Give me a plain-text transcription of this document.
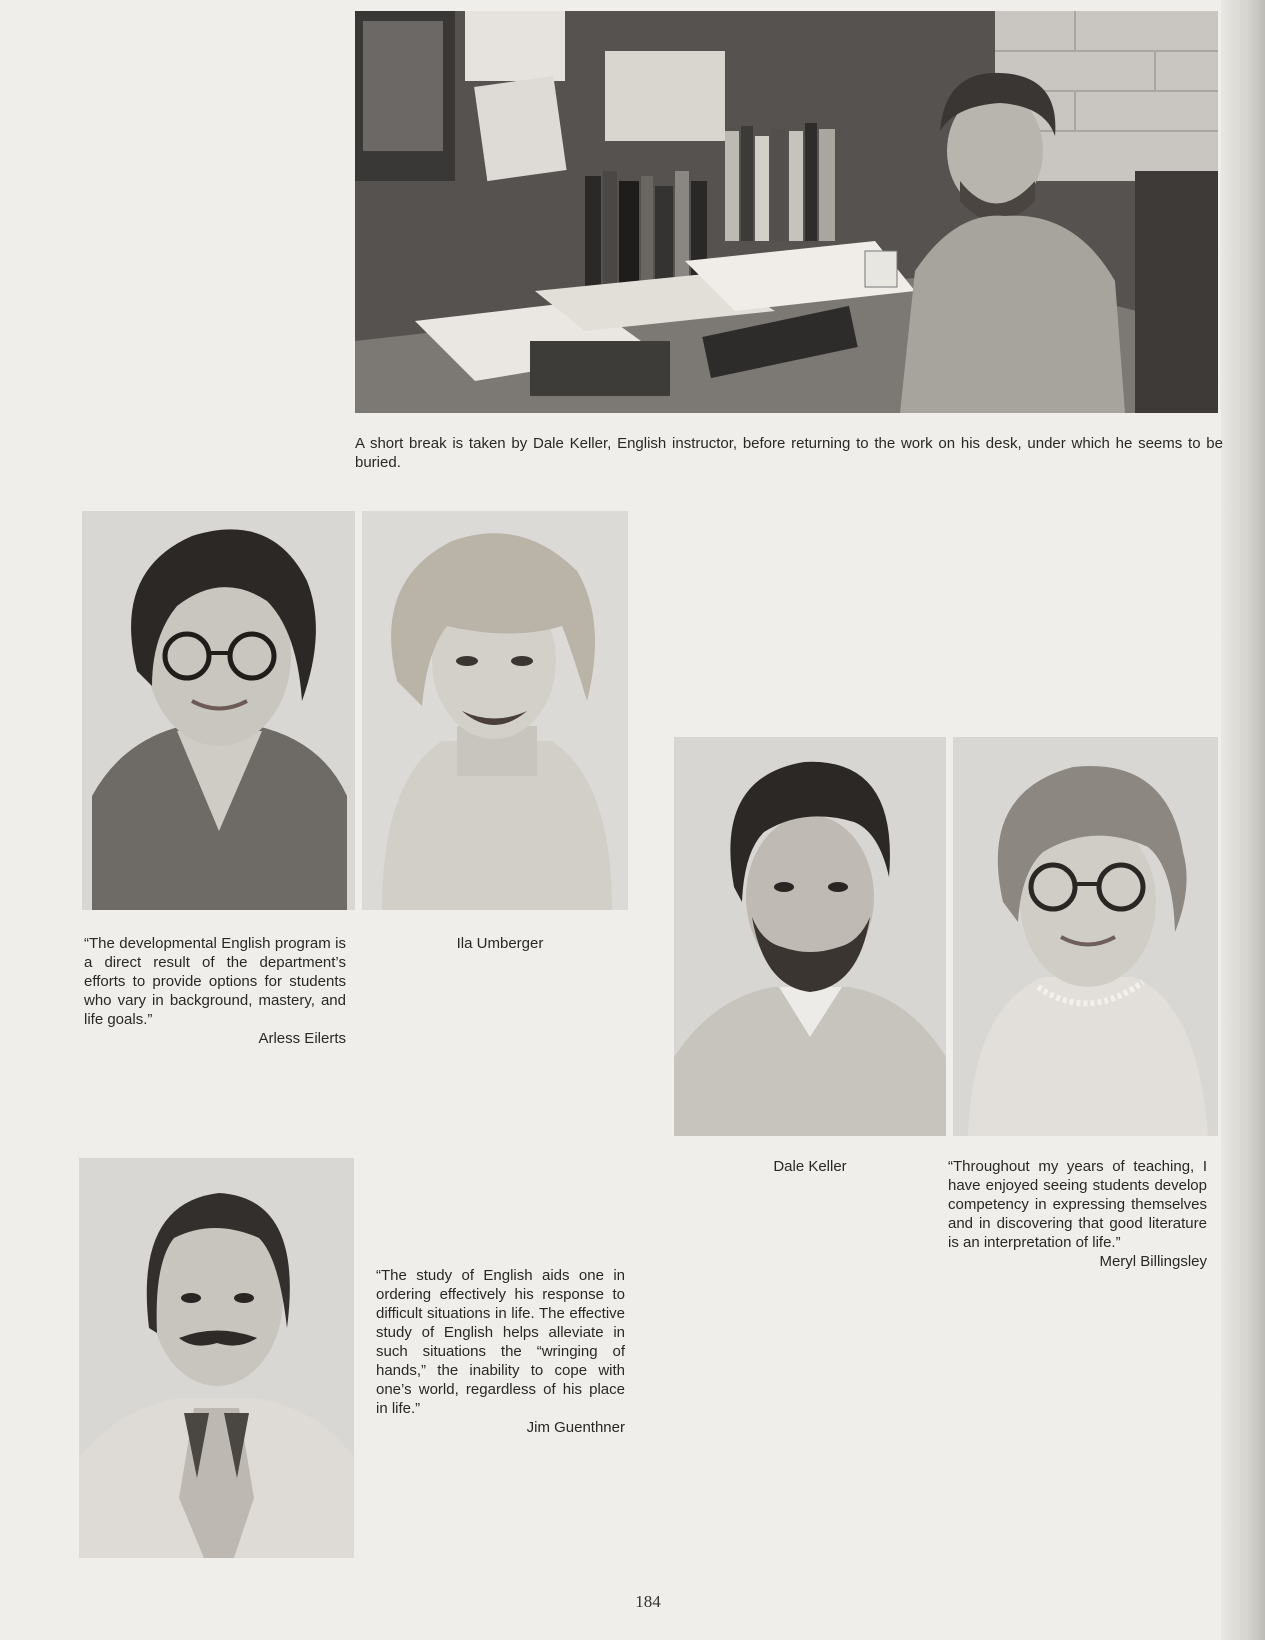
A short break is taken by Dale Keller, English instructor, before returning to the work on his desk, under which he seems to be buried.

“The developmental English program is a direct result of the department’s efforts to provide options for students who vary in background, mastery, and life goals.”
Arless Eilerts

Ila Umberger

Dale Keller	“Throughout my years of teaching, I have enjoyed seeing students develop competency in expressing themselves and in discovering that good literature is an interpretation of life.”
Meryl Billingsley

“The study of English aids one in ordering effectively his response to difficult situations in life. The effective study of English helps alleviate in such situations the “wringing of hands,” the inability to cope with one’s world, regardless of his place in life.”
Jim Guenthner

184
